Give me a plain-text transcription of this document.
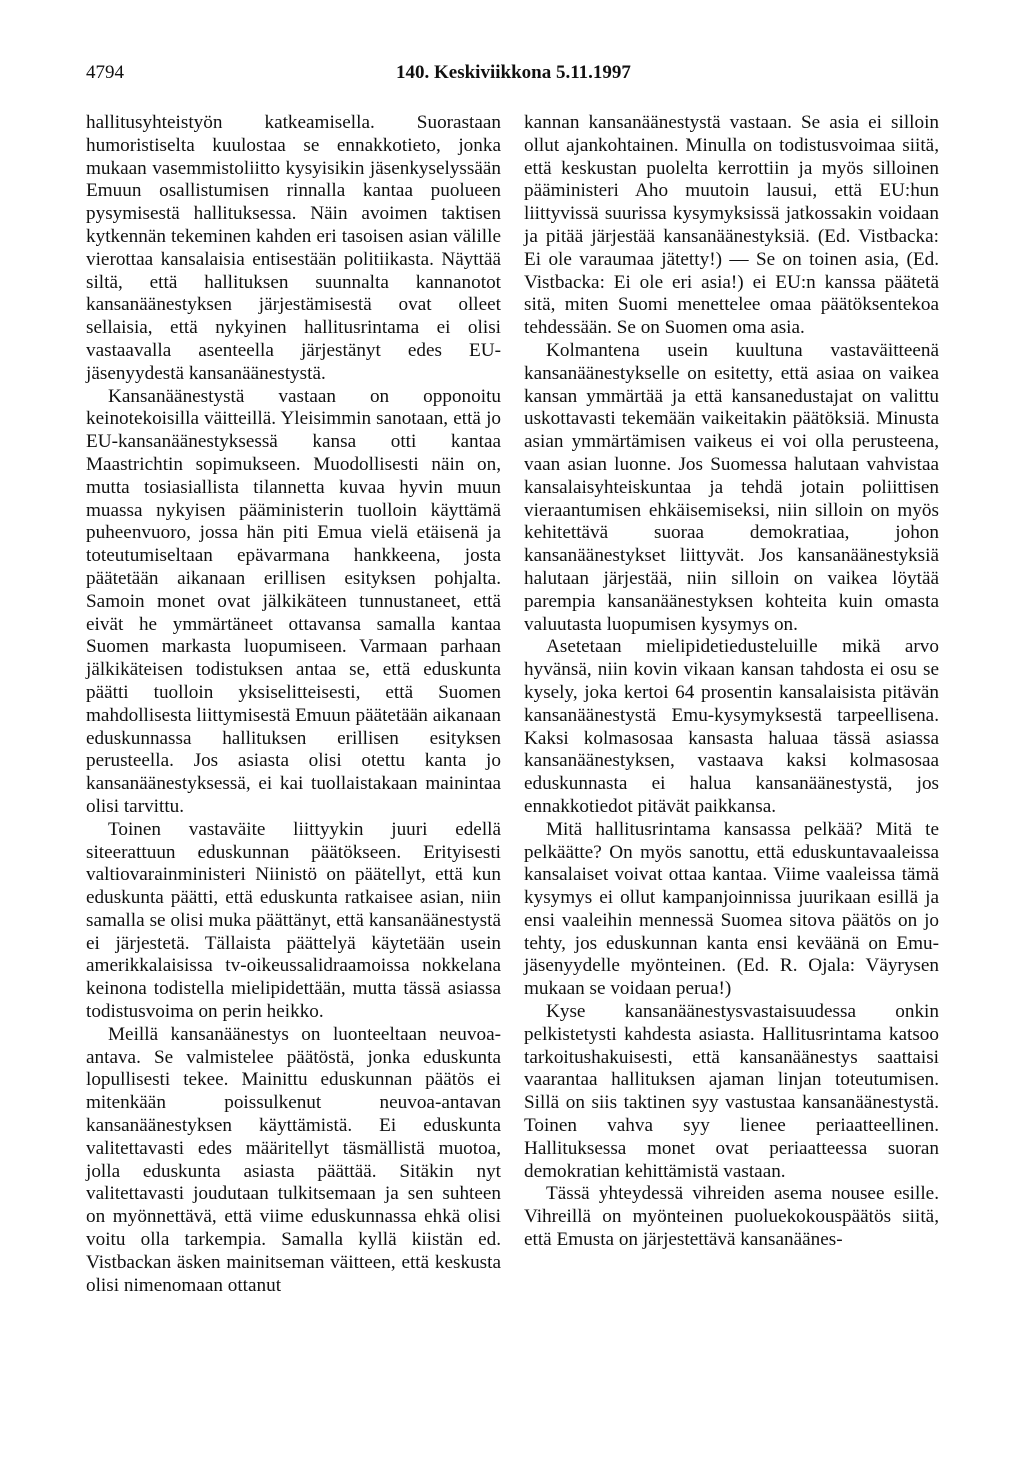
4794	140. Keskiviikkona 5.11.1997

hallitusyhteistyön katkeamisella. Suorastaan humoristiselta kuulostaa se ennakkotieto, jonka mukaan vasemmistoliitto kysyisikin jäsenkyselyssään Emuun osallistumisen rinnalla kantaa puolueen pysymisestä hallituksessa. Näin avoimen taktisen kytkennän tekeminen kahden eri tasoisen asian välille vierottaa kansalaisia entisestään politiikasta. Näyttää siltä, että hallituksen suunnalta kannanotot kansanäänestyksen järjestämisestä ovat olleet sellaisia, että nykyinen hallitusrintama ei olisi vastaavalla asenteella järjestänyt edes EU-jäsenyydestä kansanäänestystä.

Kansanäänestystä vastaan on opponoitu keinotekoisilla väitteillä. Yleisimmin sanotaan, että jo EU-kansanäänestyksessä kansa otti kantaa Maastrichtin sopimukseen. Muodollisesti näin on, mutta tosiasiallista tilannetta kuvaa hyvin muun muassa nykyisen pääministerin tuolloin käyttämä puheenvuoro, jossa hän piti Emua vielä etäisenä ja toteutumiseltaan epävarmana hankkeena, josta päätetään aikanaan erillisen esityksen pohjalta. Samoin monet ovat jälkikäteen tunnustaneet, että eivät he ymmärtäneet ottavansa samalla kantaa Suomen markasta luopumiseen. Varmaan parhaan jälkikäteisen todistuksen antaa se, että eduskunta päätti tuolloin yksiselitteisesti, että Suomen mahdollisesta liittymisestä Emuun päätetään aikanaan eduskunnassa hallituksen erillisen esityksen perusteella. Jos asiasta olisi otettu kanta jo kansanäänestyksessä, ei kai tuollaistakaan mainintaa olisi tarvittu.

Toinen vastaväite liittyykin juuri edellä siteerattuun eduskunnan päätökseen. Erityisesti valtiovarainministeri Niinistö on päätellyt, että kun eduskunta päätti, että eduskunta ratkaisee asian, niin samalla se olisi muka päättänyt, että kansanäänestystä ei järjestetä. Tällaista päättelyä käytetään usein amerikkalaisissa tv-oikeussalidraamoissa nokkelana keinona todistella mielipidettään, mutta tässä asiassa todistusvoima on perin heikko.

Meillä kansanäänestys on luonteeltaan neuvoa-antava. Se valmistelee päätöstä, jonka eduskunta lopullisesti tekee. Mainittu eduskunnan päätös ei mitenkään poissulkenut neuvoa-antavan kansanäänestyksen käyttämistä. Ei eduskunta valitettavasti edes määritellyt täsmällistä muotoa, jolla eduskunta asiasta päättää. Sitäkin nyt valitettavasti joudutaan tulkitsemaan ja sen suhteen on myönnettävä, että viime eduskunnassa ehkä olisi voitu olla tarkempia. Samalla kyllä kiistän ed. Vistbackan äsken mainitseman väitteen, että keskusta olisi nimenomaan ottanut

kannan kansanäänestystä vastaan. Se asia ei silloin ollut ajankohtainen. Minulla on todistusvoimaa siitä, että keskustan puolelta kerrottiin ja myös silloinen pääministeri Aho muutoin lausui, että EU:hun liittyvissä suurissa kysymyksissä jatkossakin voidaan ja pitää järjestää kansanäänestyksiä. (Ed. Vistbacka: Ei ole varaumaa jätetty!) — Se on toinen asia, (Ed. Vistbacka: Ei ole eri asia!) ei EU:n kanssa päätetä sitä, miten Suomi menettelee omaa päätöksentekoa tehdessään. Se on Suomen oma asia.

Kolmantena usein kuultuna vastaväitteenä kansanäänestykselle on esitetty, että asiaa on vaikea kansan ymmärtää ja että kansanedustajat on valittu uskottavasti tekemään vaikeitakin päätöksiä. Minusta asian ymmärtämisen vaikeus ei voi olla perusteena, vaan asian luonne. Jos Suomessa halutaan vahvistaa kansalaisyhteiskuntaa ja tehdä jotain poliittisen vieraantumisen ehkäisemiseksi, niin silloin on myös kehitettävä suoraa demokratiaa, johon kansanäänestykset liittyvät. Jos kansanäänestyksiä halutaan järjestää, niin silloin on vaikea löytää parempia kansanäänestyksen kohteita kuin omasta valuutasta luopumisen kysymys on.

Asetetaan mielipidetiedusteluille mikä arvo hyvänsä, niin kovin vikaan kansan tahdosta ei osu se kysely, joka kertoi 64 prosentin kansalaisista pitävän kansanäänestystä Emu-kysymyksestä tarpeellisena. Kaksi kolmasosaa kansasta haluaa tässä asiassa kansanäänestyksen, vastaava kaksi kolmasosaa eduskunnasta ei halua kansanäänestystä, jos ennakkotiedot pitävät paikkansa.

Mitä hallitusrintama kansassa pelkää? Mitä te pelkäätte? On myös sanottu, että eduskuntavaaleissa kansalaiset voivat ottaa kantaa. Viime vaaleissa tämä kysymys ei ollut kampanjoinnissa juurikaan esillä ja ensi vaaleihin mennessä Suomea sitova päätös on jo tehty, jos eduskunnan kanta ensi keväänä on Emu-jäsenyydelle myönteinen. (Ed. R. Ojala: Väyrysen mukaan se voidaan perua!)

Kyse kansanäänestysvastaisuudessa onkin pelkistetysti kahdesta asiasta. Hallitusrintama katsoo tarkoitushakuisesti, että kansanäänestys saattaisi vaarantaa hallituksen ajaman linjan toteutumisen. Sillä on siis taktinen syy vastustaa kansanäänestystä. Toinen vahva syy lienee periaatteellinen. Hallituksessa monet ovat periaatteessa suoran demokratian kehittämistä vastaan.

Tässä yhteydessä vihreiden asema nousee esille. Vihreillä on myönteinen puoluekokouspäätös siitä, että Emusta on järjestettävä kansanäänes-
